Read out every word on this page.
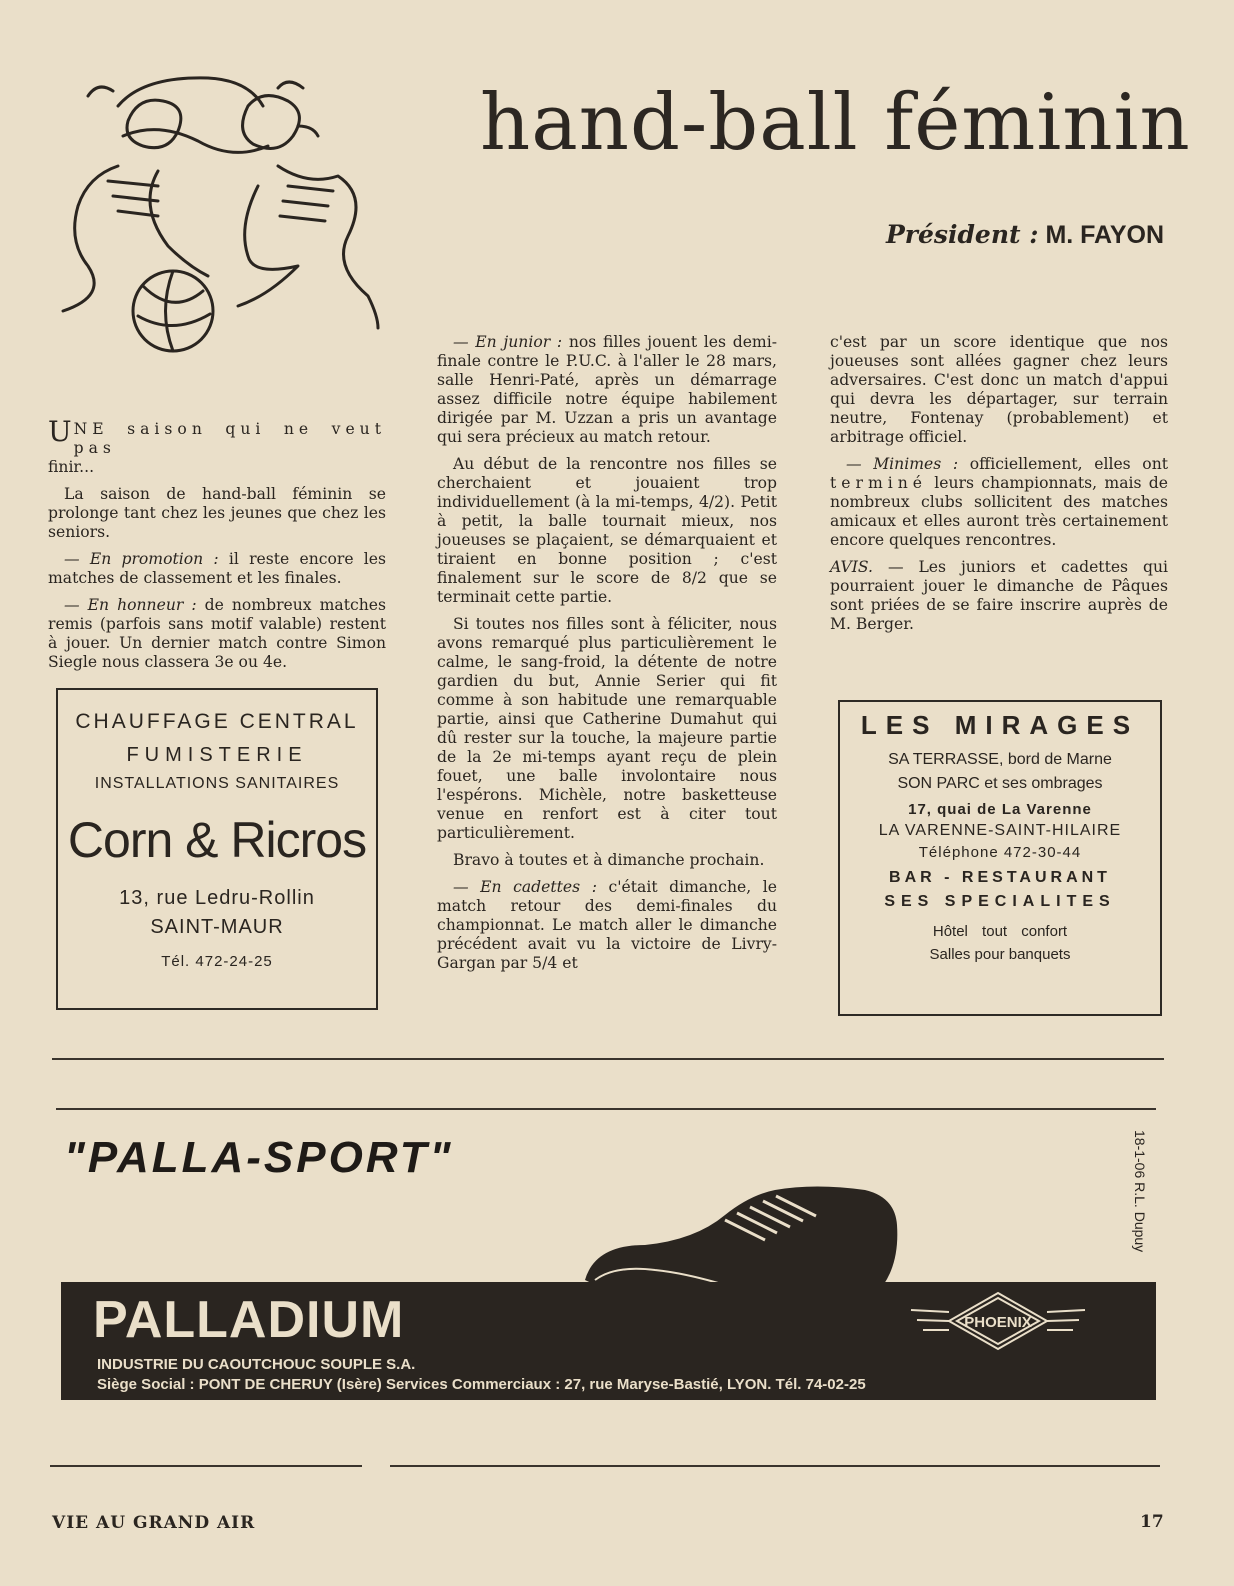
hand-ball féminin
Président : M. FAYON

UNE saison qui ne veut pas
finir...

La saison de hand-ball féminin se prolonge tant chez les jeunes que chez les seniors.

— En promotion : il reste encore les matches de classement et les finales.

— En honneur : de nombreux matches remis (parfois sans motif valable) restent à jouer. Un dernier match contre Simon Siegle nous classera 3e ou 4e.

— En junior : nos filles jouent les demi-finale contre le P.U.C. à l'aller le 28 mars, salle Henri-Paté, après un démarrage assez difficile notre équipe habilement dirigée par M. Uzzan a pris un avantage qui sera précieux au match retour.

Au début de la rencontre nos filles se cherchaient et jouaient trop individuellement (à la mi-temps, 4/2). Petit à petit, la balle tournait mieux, nos joueuses se plaçaient, se démarquaient et tiraient en bonne position ; c'est finalement sur le score de 8/2 que se terminait cette partie.

Si toutes nos filles sont à féliciter, nous avons remarqué plus particulièrement le calme, le sang-froid, la détente de notre gardien du but, Annie Serier qui fit comme à son habitude une remarquable partie, ainsi que Catherine Dumahut qui dû rester sur la touche, la majeure partie de la 2e mi-temps ayant reçu de plein fouet, une balle involontaire nous l'espérons. Michèle, notre basketteuse venue en renfort est à citer tout particulièrement.

Bravo à toutes et à dimanche prochain.

— En cadettes : c'était dimanche, le match retour des demi-finales du championnat. Le match aller le dimanche précédent avait vu la victoire de Livry-Gargan par 5/4 et

c'est par un score identique que nos joueuses sont allées gagner chez leurs adversaires. C'est donc un match d'appui qui devra les départager, sur terrain neutre, Fontenay (probablement) et arbitrage officiel.

— Minimes : officiellement, elles ont terminé leurs championnats, mais de nombreux clubs sollicitent des matches amicaux et elles auront très certainement encore quelques rencontres.

AVIS. — Les juniors et cadettes qui pourraient jouer le dimanche de Pâques sont priées de se faire inscrire auprès de M. Berger.

CHAUFFAGE CENTRAL
FUMISTERIE
INSTALLATIONS SANITAIRES
Corn & Ricros
13, rue Ledru-Rollin
SAINT-MAUR
Tél. 472-24-25
LES MIRAGES
SA TERRASSE, bord de Marne
SON PARC et ses ombrages
17, quai de La Varenne
LA VARENNE-SAINT-HILAIRE
Téléphone 472-30-44
BAR - RESTAURANT
SES SPECIALITES
Hôtel tout confort
Salles pour banquets
"PALLA-SPORT"	18-1-06 R.L. Dupuy
PALLADIUM
INDUSTRIE DU CAOUTCHOUC SOUPLE S.A.
Siège Social : PONT DE CHERUY (Isère) Services Commerciaux : 27, rue Maryse-Bastié, LYON. Tél. 74-02-25
PHOENIX
VIE AU GRAND AIR	17
